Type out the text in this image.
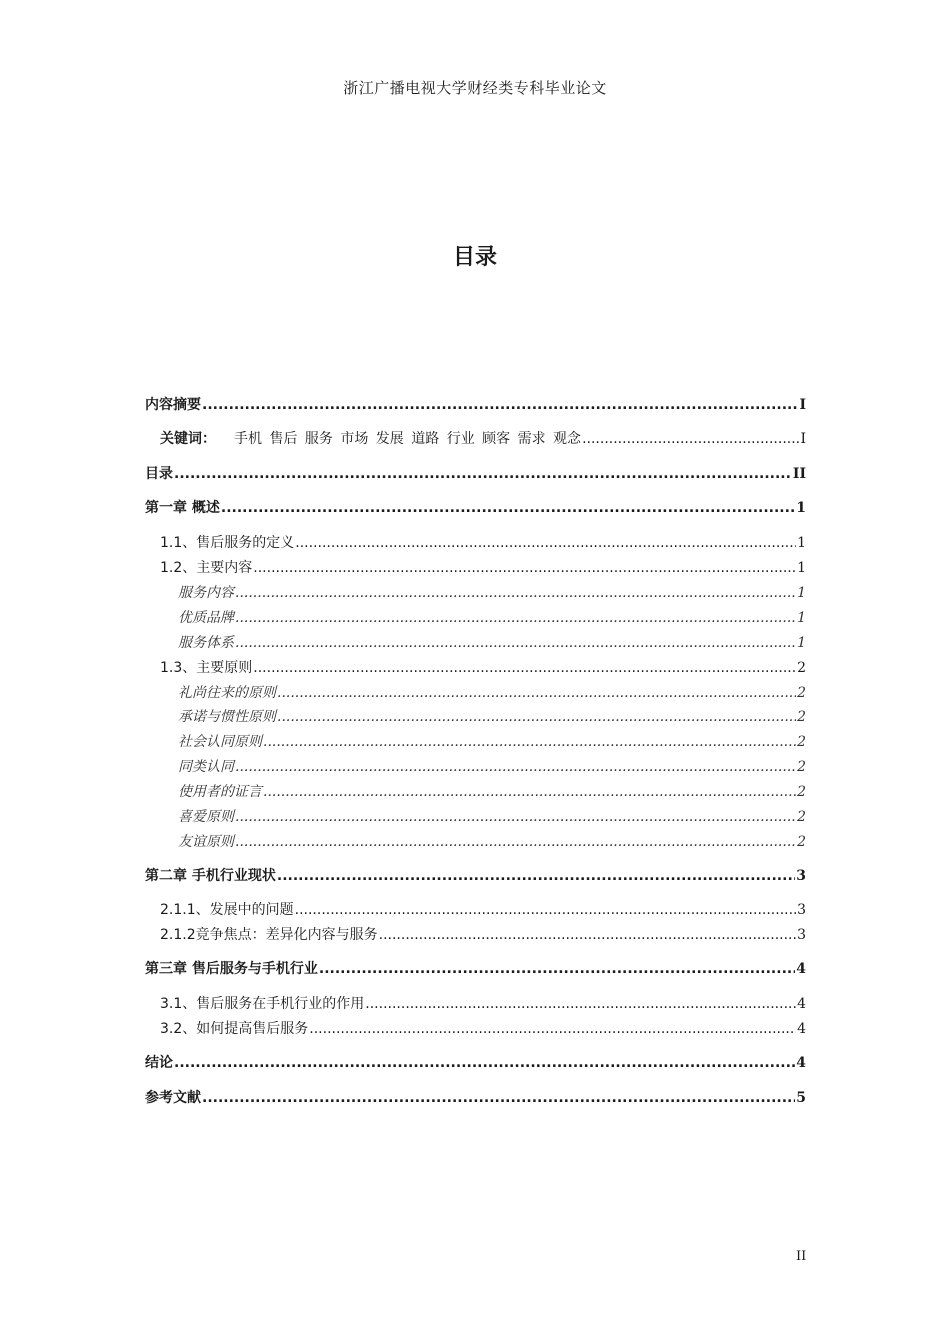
浙江广播电视大学财经类专科毕业论文
目录
内容摘要 .....	I
关键词： 手机 售后 服务 市场 发展 道路 行业 顾客 需求 观念 .....	I
目录 .....	II
第一章 概述 .....	1
1.1、售后服务的定义 .....	1
1.2、主要内容 .....	1
服务内容 .....	1
优质品牌 .....	1
服务体系 .....	1
1.3、主要原则 .....	2
礼尚往来的原则 .....	2
承诺与惯性原则 .....	2
社会认同原则 .....	2
同类认同 .....	2
使用者的证言 .....	2
喜爱原则 .....	2
友谊原则 .....	2
第二章 手机行业现状 .....	3
2.1.1、发展中的问题 .....	3
2.1.2竞争焦点：差异化内容与服务 .....	3
第三章 售后服务与手机行业 .....	4
3.1、售后服务在手机行业的作用 .....	4
3.2、如何提高售后服务 .....	4
结论 .....	4
参考文献 .....	5
II
